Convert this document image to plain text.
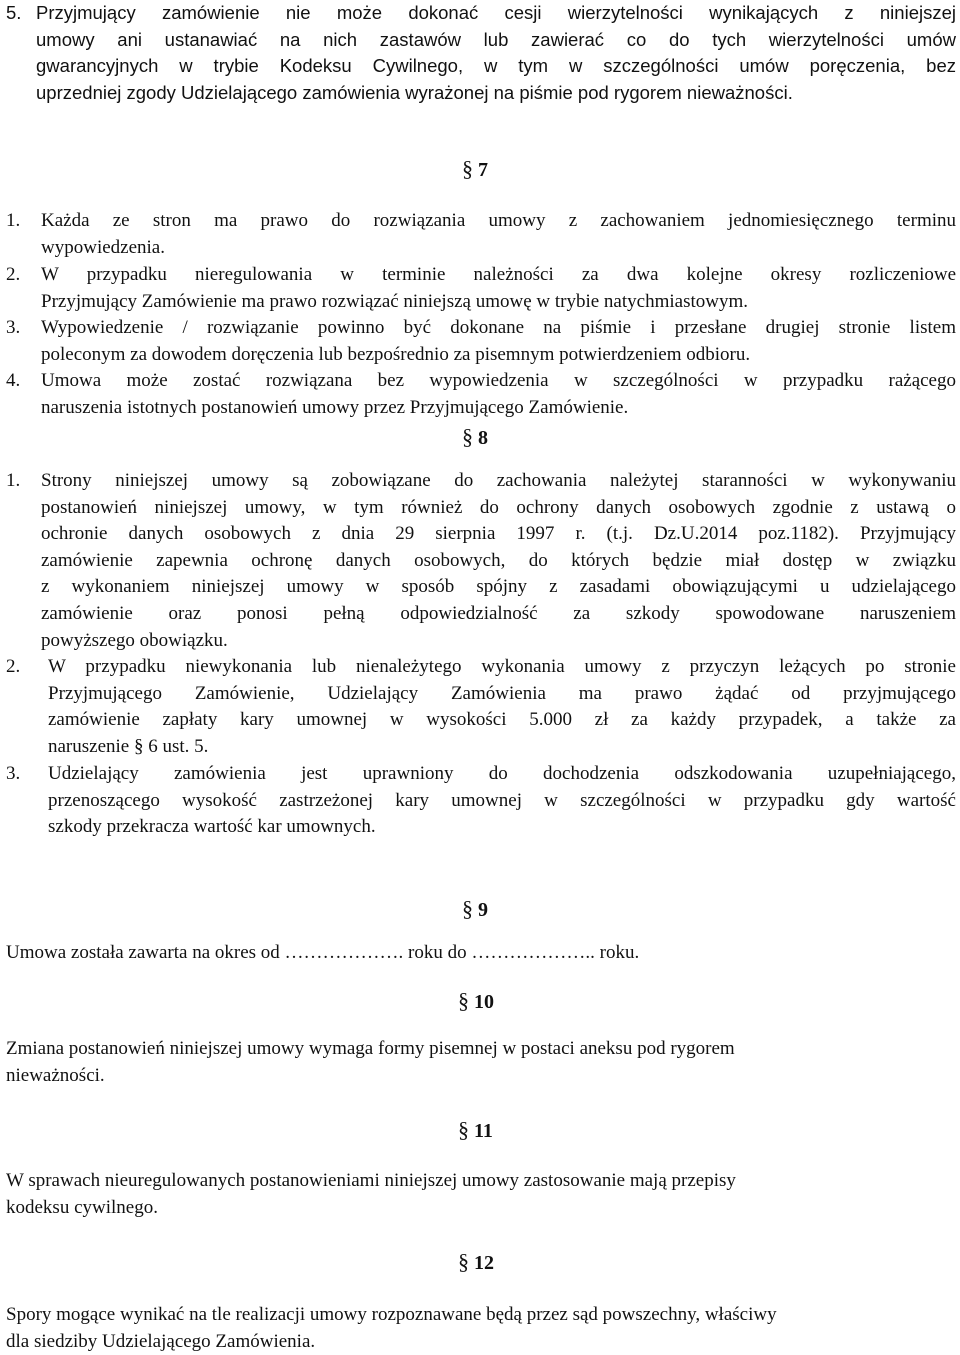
5. Przyjmujący zamówienie nie może dokonać cesji wierzytelności wynikających z niniejszej
umowy ani ustanawiać na nich zastawów lub zawierać co do tych wierzytelności umów
gwarancyjnych w trybie Kodeksu Cywilnego, w tym w szczególności umów poręczenia, bez
uprzedniej zgody Udzielającego zamówienia wyrażonej na piśmie pod rygorem nieważności.
§ 7
1. Każda ze stron ma prawo do rozwiązania umowy z zachowaniem jednomiesięcznego terminu
wypowiedzenia.
2. W przypadku nieregulowania w terminie należności za dwa kolejne okresy rozliczeniowe
Przyjmujący Zamówienie ma prawo rozwiązać niniejszą umowę w trybie natychmiastowym.
3. Wypowiedzenie / rozwiązanie powinno być dokonane na piśmie i przesłane drugiej stronie listem
poleconym za dowodem doręczenia lub bezpośrednio za pisemnym potwierdzeniem odbioru.
4. Umowa może zostać rozwiązana bez wypowiedzenia w szczególności w przypadku rażącego
naruszenia istotnych postanowień umowy przez Przyjmującego Zamówienie.
§ 8
1. Strony niniejszej umowy są zobowiązane do zachowania należytej staranności w wykonywaniu
postanowień niniejszej umowy, w tym również do ochrony danych osobowych zgodnie z ustawą o
ochronie danych osobowych z dnia 29 sierpnia 1997 r. (t.j. Dz.U.2014 poz.1182). Przyjmujący
zamówienie zapewnia ochronę danych osobowych, do których będzie miał dostęp w związku
z wykonaniem niniejszej umowy w sposób spójny z zasadami obowiązującymi u udzielającego
zamówienie oraz ponosi pełną odpowiedzialność za szkody spowodowane naruszeniem
powyższego obowiązku.
2. W przypadku niewykonania lub nienależytego wykonania umowy z przyczyn leżących po stronie
Przyjmującego Zamówienie, Udzielający Zamówienia ma prawo żądać od przyjmującego
zamówienie zapłaty kary umownej w wysokości 5.000 zł za każdy przypadek, a także za
naruszenie § 6 ust. 5.
3. Udzielający zamówienia jest uprawniony do dochodzenia odszkodowania uzupełniającego,
przenoszącego wysokość zastrzeżonej kary umownej w szczególności w przypadku gdy wartość
szkody przekracza wartość kar umownych.
§ 9
Umowa została zawarta na okres od ………………. roku do ……………….. roku.
§ 10
Zmiana postanowień niniejszej umowy wymaga formy pisemnej w postaci aneksu pod rygorem
nieważności.
§ 11
W sprawach nieuregulowanych postanowieniami niniejszej umowy zastosowanie mają przepisy
kodeksu cywilnego.
§ 12
Spory mogące wynikać na tle realizacji umowy rozpoznawane będą przez sąd powszechny, właściwy
dla siedziby Udzielającego Zamówienia.
